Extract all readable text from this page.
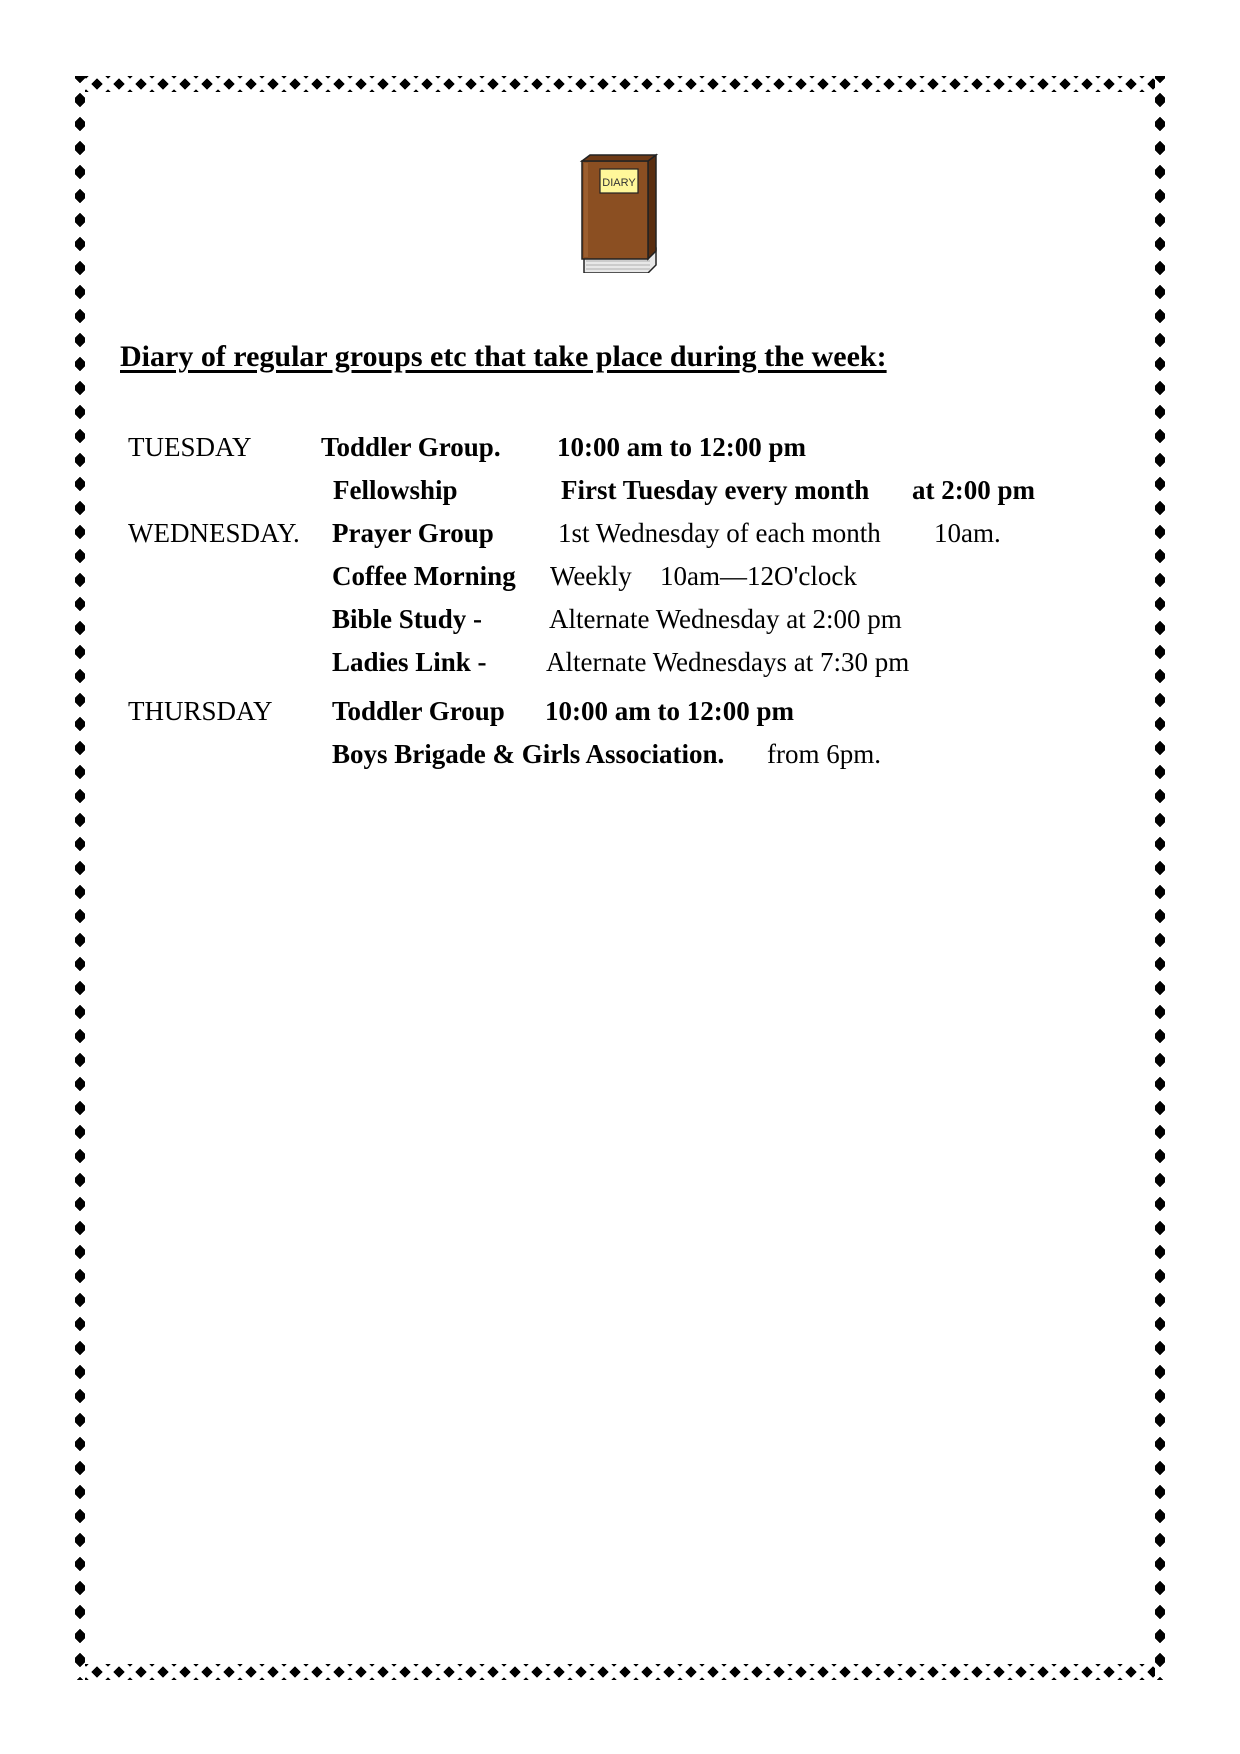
DIARY
Diary of regular groups etc that take place during the week:
TUESDAY	Toddler Group. 10:00 am to 12:00 pm
Fellowship	First Tuesday every month at 2:00 pm
WEDNESDAY. Prayer Group 1st Wednesday of each month 10am.
Coffee Morning Weekly 10am—12O'clock
Bible Study - Alternate Wednesday at 2:00 pm
Ladies Link - Alternate Wednesdays at 7:30 pm
THURSDAY Toddler Group 10:00 am to 12:00 pm
Boys Brigade & Girls Association. from 6pm.
